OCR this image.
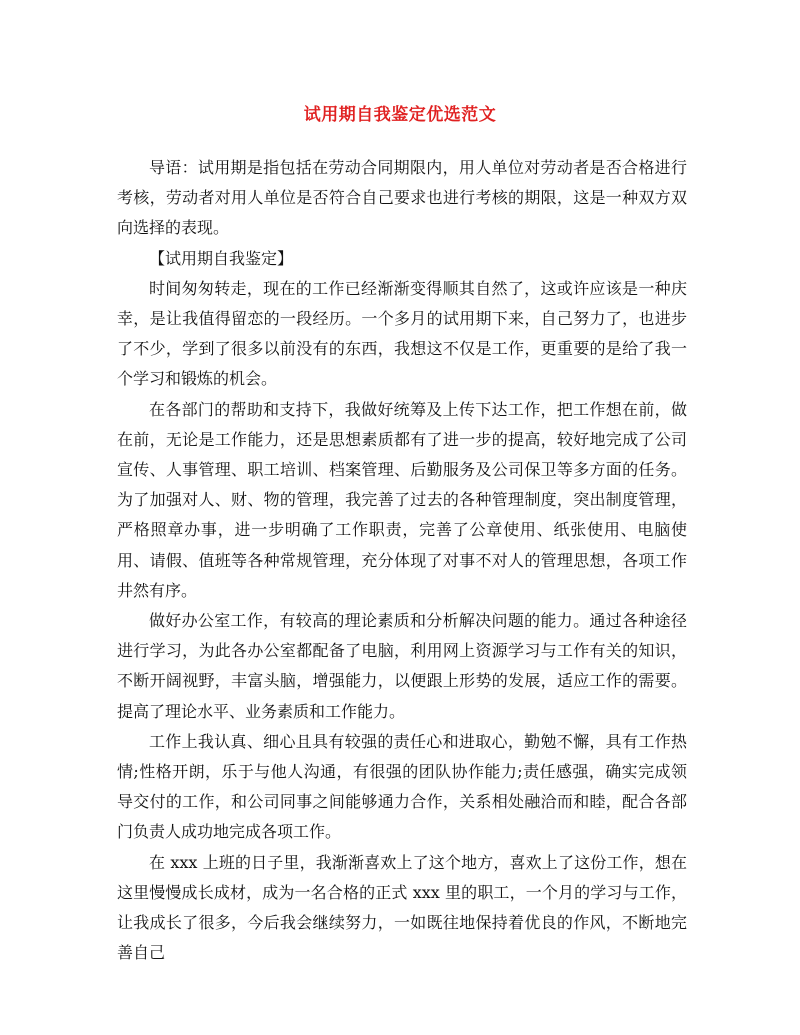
试用期自我鉴定优选范文

导语：试用期是指包括在劳动合同期限内，用人单位对劳动者是否合格进行考核，劳动者对用人单位是否符合自己要求也进行考核的期限，这是一种双方双向选择的表现。

【试用期自我鉴定】

时间匆匆转走，现在的工作已经渐渐变得顺其自然了，这或许应该是一种庆幸，是让我值得留恋的一段经历。一个多月的试用期下来，自己努力了，也进步了不少，学到了很多以前没有的东西，我想这不仅是工作，更重要的是给了我一个学习和锻炼的机会。

在各部门的帮助和支持下，我做好统筹及上传下达工作，把工作想在前，做在前，无论是工作能力，还是思想素质都有了进一步的提高，较好地完成了公司宣传、人事管理、职工培训、档案管理、后勤服务及公司保卫等多方面的任务。为了加强对人、财、物的管理，我完善了过去的各种管理制度，突出制度管理，严格照章办事，进一步明确了工作职责，完善了公章使用、纸张使用、电脑使用、请假、值班等各种常规管理，充分体现了对事不对人的管理思想，各项工作井然有序。

做好办公室工作，有较高的理论素质和分析解决问题的能力。通过各种途径进行学习，为此各办公室都配备了电脑，利用网上资源学习与工作有关的知识，不断开阔视野，丰富头脑，增强能力，以便跟上形势的发展，适应工作的需要。提高了理论水平、业务素质和工作能力。

工作上我认真、细心且具有较强的责任心和进取心，勤勉不懈，具有工作热情;性格开朗，乐于与他人沟通，有很强的团队协作能力;责任感强，确实完成领导交付的工作，和公司同事之间能够通力合作，关系相处融洽而和睦，配合各部门负责人成功地完成各项工作。

在 xxx 上班的日子里，我渐渐喜欢上了这个地方，喜欢上了这份工作，想在这里慢慢成长成材，成为一名合格的正式 xxx 里的职工，一个月的学习与工作，让我成长了很多，今后我会继续努力，一如既往地保持着优良的作风，不断地完善自己
